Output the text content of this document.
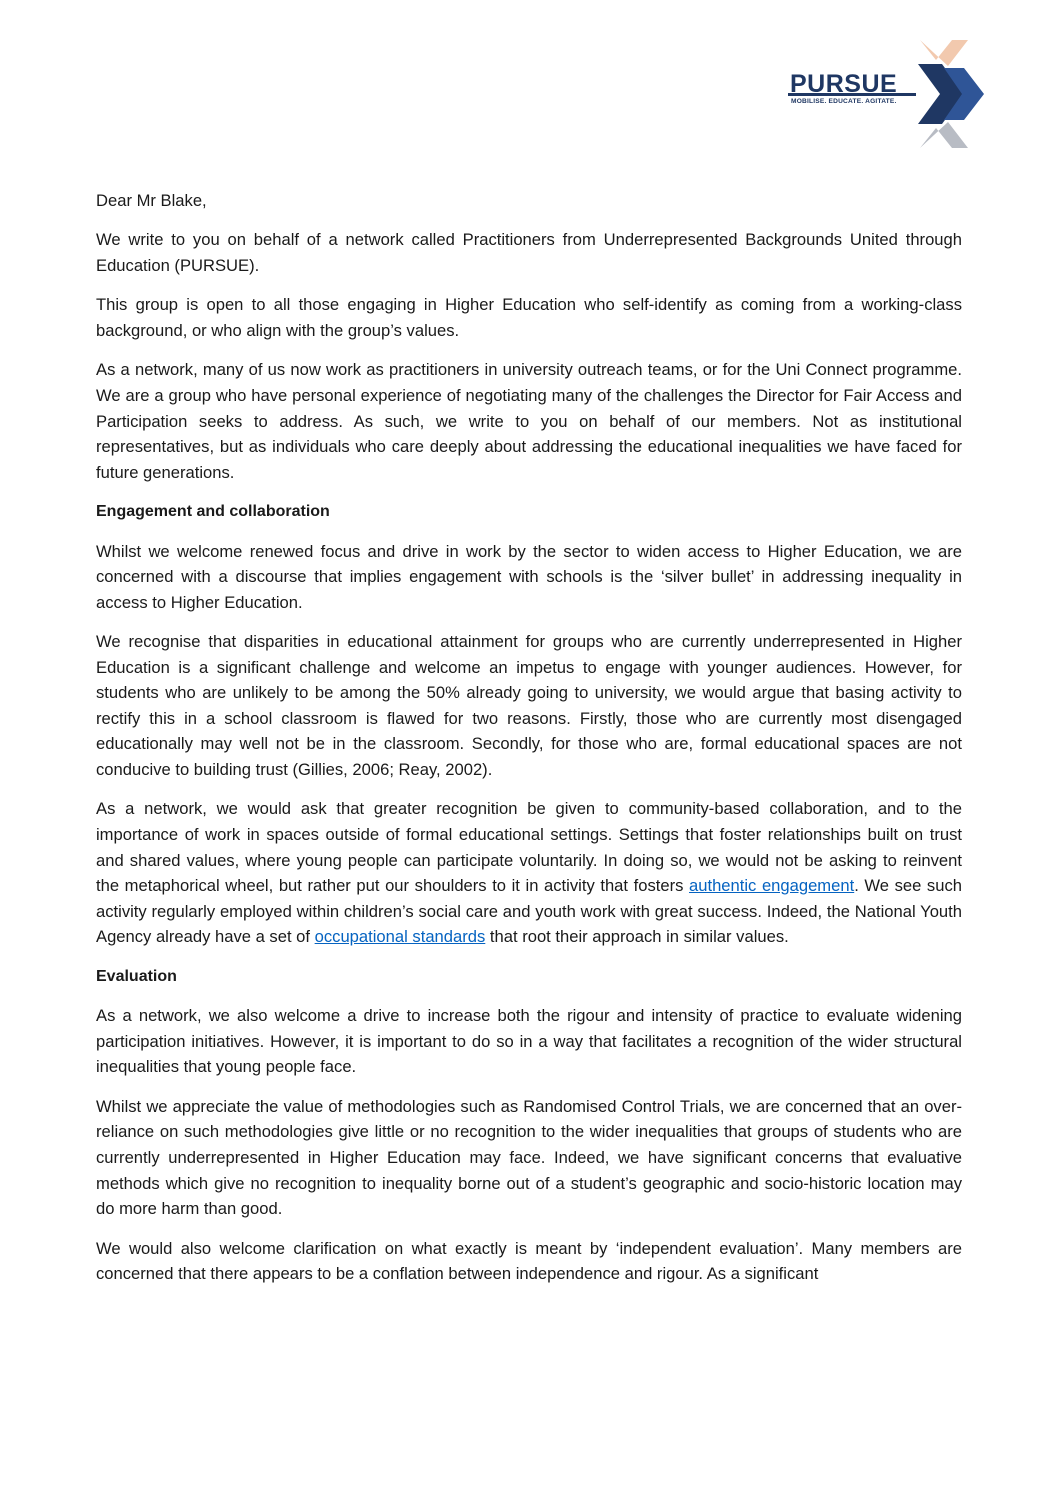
PURSUE
MOBILISE. EDUCATE. AGITATE.

Dear Mr Blake,

We write to you on behalf of a network called Practitioners from Underrepresented Backgrounds United through Education (PURSUE).

This group is open to all those engaging in Higher Education who self-identify as coming from a working-class background, or who align with the group’s values.

As a network, many of us now work as practitioners in university outreach teams, or for the Uni Connect programme. We are a group who have personal experience of negotiating many of the challenges the Director for Fair Access and Participation seeks to address. As such, we write to you on behalf of our members. Not as institutional representatives, but as individuals who care deeply about addressing the educational inequalities we have faced for future generations.

Engagement and collaboration

Whilst we welcome renewed focus and drive in work by the sector to widen access to Higher Education, we are concerned with a discourse that implies engagement with schools is the ‘silver bullet’ in addressing inequality in access to Higher Education.

We recognise that disparities in educational attainment for groups who are currently underrepresented in Higher Education is a significant challenge and welcome an impetus to engage with younger audiences. However, for students who are unlikely to be among the 50% already going to university, we would argue that basing activity to rectify this in a school classroom is flawed for two reasons. Firstly, those who are currently most disengaged educationally may well not be in the classroom. Secondly, for those who are, formal educational spaces are not conducive to building trust (Gillies, 2006; Reay, 2002).

As a network, we would ask that greater recognition be given to community-based collaboration, and to the importance of work in spaces outside of formal educational settings. Settings that foster relationships built on trust and shared values, where young people can participate voluntarily. In doing so, we would not be asking to reinvent the metaphorical wheel, but rather put our shoulders to it in activity that fosters authentic engagement. We see such activity regularly employed within children’s social care and youth work with great success. Indeed, the National Youth Agency already have a set of occupational standards that root their approach in similar values.

Evaluation

As a network, we also welcome a drive to increase both the rigour and intensity of practice to evaluate widening participation initiatives. However, it is important to do so in a way that facilitates a recognition of the wider structural inequalities that young people face.

Whilst we appreciate the value of methodologies such as Randomised Control Trials, we are concerned that an over-reliance on such methodologies give little or no recognition to the wider inequalities that groups of students who are currently underrepresented in Higher Education may face. Indeed, we have significant concerns that evaluative methods which give no recognition to inequality borne out of a student’s geographic and socio-historic location may do more harm than good.

We would also welcome clarification on what exactly is meant by ‘independent evaluation’. Many members are concerned that there appears to be a conflation between independence and rigour. As a significant
